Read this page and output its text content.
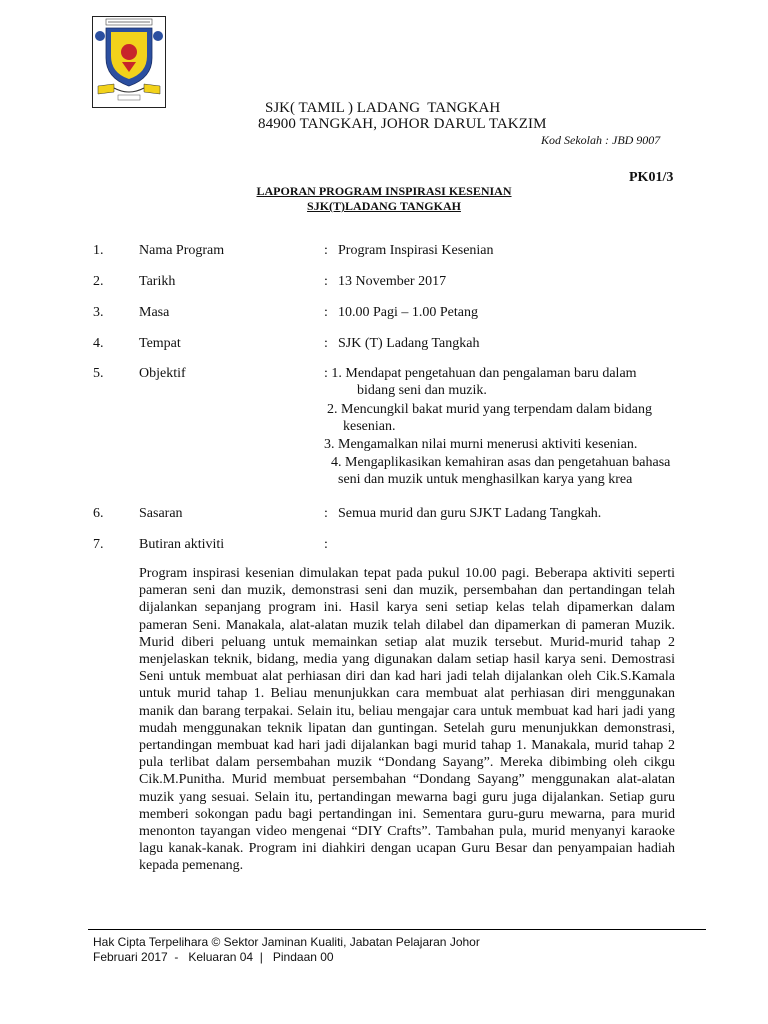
SJK( TAMIL ) LADANG  TANGKAH
84900 TANGKAH, JOHOR DARUL TAKZIM
Kod Sekolah : JBD 9007
PK01/3
LAPORAN PROGRAM INSPIRASI KESENIAN
SJK(T)LADANG TANGKAH
1.	Nama Program	: Program Inspirasi Kesenian
2.	Tarikh	: 13 November 2017
3.	Masa	: 10.00 Pagi – 1.00 Petang
4.	Tempat	: SJK (T) Ladang Tangkah
5.	Objektif	: 1. Mendapat pengetahuan dan pengalaman baru dalam
bidang seni dan muzik.
2. Mencungkil bakat murid yang terpendam dalam bidang
kesenian.
3. Mengamalkan nilai murni menerusi aktiviti kesenian.
4. Mengaplikasikan kemahiran asas dan pengetahuan bahasa
seni dan muzik untuk menghasilkan karya yang krea
6.	Sasaran	: Semua murid dan guru SJKT Ladang Tangkah.
7.	Butiran aktiviti	:

Program inspirasi kesenian dimulakan tepat pada pukul 10.00 pagi. Beberapa aktiviti seperti pameran seni dan muzik, demonstrasi seni dan muzik, persembahan dan pertandingan telah dijalankan sepanjang program ini. Hasil karya seni setiap kelas telah dipamerkan dalam pameran Seni. Manakala, alat-alatan muzik telah dilabel dan dipamerkan di pameran Muzik. Murid diberi peluang untuk memainkan setiap alat muzik tersebut. Murid-murid tahap 2 menjelaskan teknik, bidang, media yang digunakan dalam setiap hasil karya seni. Demostrasi Seni untuk membuat alat perhiasan diri dan kad hari jadi telah dijalankan oleh Cik.S.Kamala untuk murid tahap 1. Beliau menunjukkan cara membuat alat perhiasan diri menggunakan manik dan barang terpakai. Selain itu, beliau mengajar cara untuk membuat kad hari jadi yang mudah menggunakan teknik lipatan dan guntingan. Setelah guru menunjukkan demonstrasi, pertandingan membuat kad hari jadi dijalankan bagi murid tahap 1. Manakala, murid tahap 2 pula terlibat dalam persembahan muzik “Dondang Sayang”. Mereka dibimbing oleh cikgu Cik.M.Punitha. Murid membuat persembahan “Dondang Sayang” menggunakan alat-alatan muzik yang sesuai. Selain itu, pertandingan mewarna bagi guru juga dijalankan. Setiap guru memberi sokongan padu bagi pertandingan ini. Sementara guru-guru mewarna, para murid menonton tayangan video mengenai “DIY Crafts”. Tambahan pula, murid menyanyi karaoke lagu kanak-kanak. Program ini diahkiri dengan ucapan Guru Besar dan penyampaian hadiah kepada pemenang.

Hak Cipta Terpelihara © Sektor Jaminan Kualiti, Jabatan Pelajaran Johor
Februari 2017  -   Keluaran 04  |   Pindaan 00
